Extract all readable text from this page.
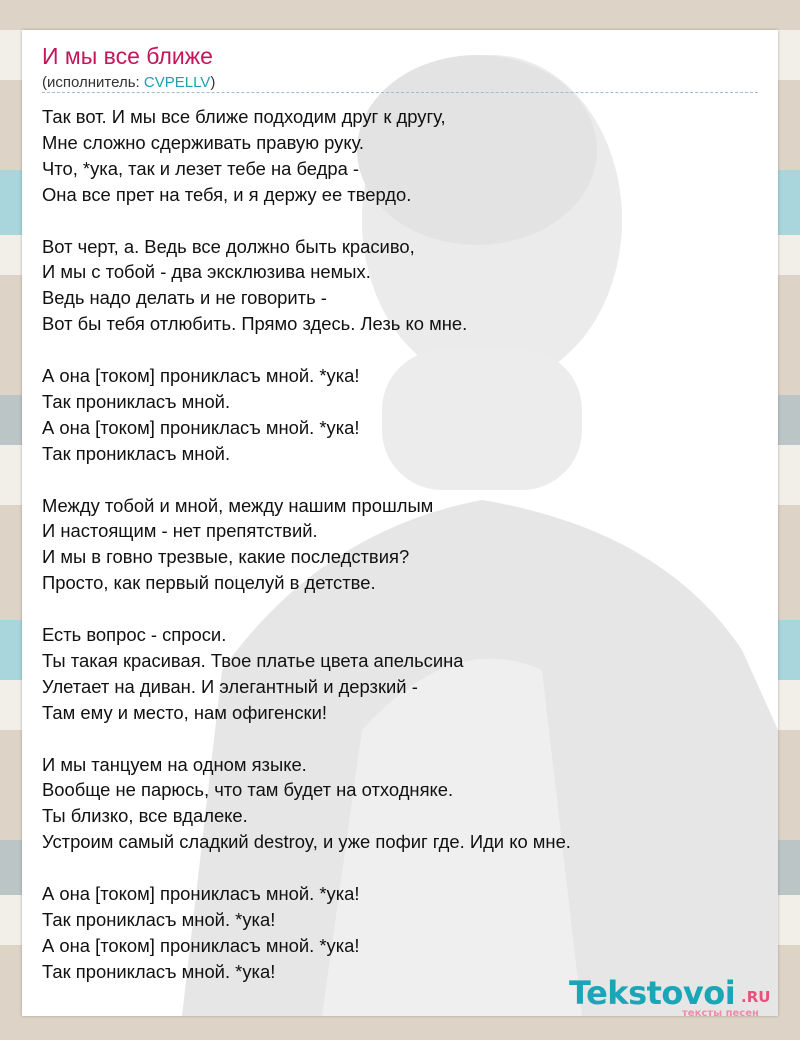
И мы все ближе
(исполнитель: CVPELLV)
Так вот. И мы все ближе подходим друг к другу,
Мне сложно сдерживать правую руку.
Что, *ука, так и лезет тебе на бедра -
Она все прет на тебя, и я держу ее твердо.
Вот черт, а. Ведь все должно быть красиво,
И мы с тобой - два эксклюзива немых.
Ведь надо делать и не говорить -
Вот бы тебя отлюбить. Прямо здесь. Лезь ко мне.
А она [током] проникласъ мной. *ука!
Так проникласъ мной.
А она [током] проникласъ мной. *ука!
Так проникласъ мной.
Между тобой и мной, между нашим прошлым
И настоящим - нет препятствий.
И мы в говно трезвые, какие последствия?
Просто, как первый поцелуй в детстве.
Есть вопрос - спроси.
Ты такая красивая. Твое платье цвета апельсина
Улетает на диван. И элегантный и дерзкий -
Там ему и место, нам офигенски!
И мы танцуем на одном языке.
Вообще не парюсь, что там будет на отходняке.
Ты близко, все вдалеке.
Устроим самый сладкий destroy, и уже пофиг где. Иди ко мне.
А она [током] проникласъ мной. *ука!
Так проникласъ мной. *ука!
А она [током] проникласъ мной. *ука!
Так проникласъ мной. *ука!
Tekstovoi .RU
тексты песен
